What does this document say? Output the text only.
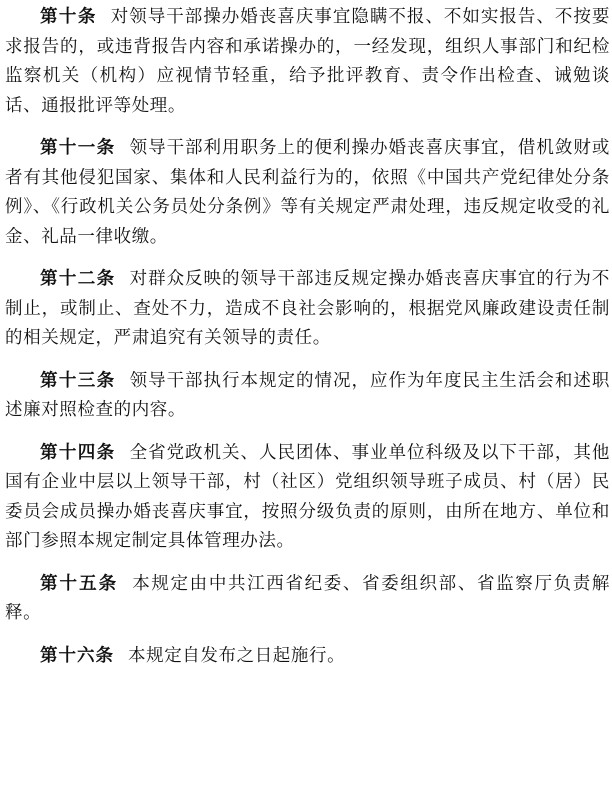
第十条 对领导干部操办婚丧喜庆事宜隐瞒不报、不如实报告、不按要求报告的，或违背报告内容和承诺操办的，一经发现，组织人事部门和纪检监察机关（机构）应视情节轻重，给予批评教育、责令作出检查、诫勉谈话、通报批评等处理。

第十一条 领导干部利用职务上的便利操办婚丧喜庆事宜，借机敛财或者有其他侵犯国家、集体和人民利益行为的，依照《中国共产党纪律处分条例》、《行政机关公务员处分条例》等有关规定严肃处理，违反规定收受的礼金、礼品一律收缴。

第十二条 对群众反映的领导干部违反规定操办婚丧喜庆事宜的行为不制止，或制止、查处不力，造成不良社会影响的，根据党风廉政建设责任制的相关规定，严肃追究有关领导的责任。

第十三条 领导干部执行本规定的情况，应作为年度民主生活会和述职述廉对照检查的内容。

第十四条 全省党政机关、人民团体、事业单位科级及以下干部，其他国有企业中层以上领导干部，村（社区）党组织领导班子成员、村（居）民委员会成员操办婚丧喜庆事宜，按照分级负责的原则，由所在地方、单位和部门参照本规定制定具体管理办法。

第十五条 本规定由中共江西省纪委、省委组织部、省监察厅负责解释。

第十六条 本规定自发布之日起施行。
